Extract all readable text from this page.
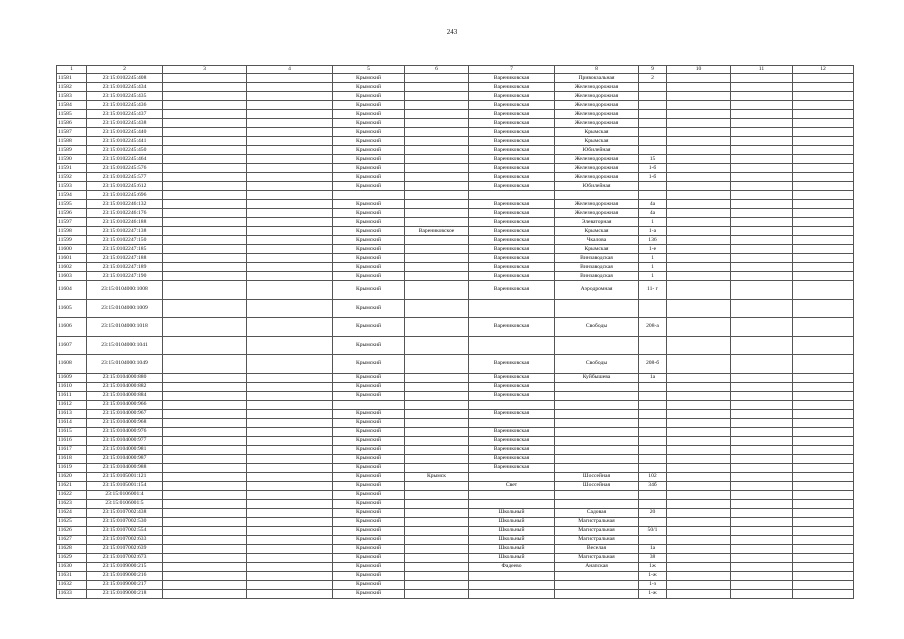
243
1	2	3	4	5	6	7	8	9	10	11	12
11581	23:15:0102245:408			Крымский		Варениковская	Привокзальная	2			
11582	23:15:0102245:434			Крымский		Варениковская	Железнодорожная				
11583	23:15:0102245:435			Крымский		Варениковская	Железнодорожная				
11584	23:15:0102245:436			Крымский		Варениковская	Железнодорожная				
11585	23:15:0102245:437			Крымский		Варениковская	Железнодорожная				
11586	23:15:0102245:438			Крымский		Варениковская	Железнодорожная				
11587	23:15:0102245:440			Крымский		Варениковская	Крымская				
11588	23:15:0102245:441			Крымский		Варениковская	Крымская				
11589	23:15:0102245:450			Крымский		Варениковская	Юбилейная				
11590	23:15:0102245:464			Крымский		Варениковская	Железнодорожная	15			
11591	23:15:0102245:576			Крымский		Варениковская	Железнодорожная	1-б			
11592	23:15:0102245:577			Крымский		Варениковская	Железнодорожная	1-б			
11593	23:15:0102245:612			Крымский		Варениковская	Юбилейная				
11594	23:15:0102245:696										
11595	23:15:0102246:132			Крымский		Варениковская	Железнодорожная	4а			
11596	23:15:0102246:176			Крымский		Варениковская	Железнодорожная	4а			
11597	23:15:0102246:188			Крымский		Варениковская	Элеваторная	1			
11598	23:15:0102247:138			Крымский	Варениковское	Варениковская	Крымская	1-а			
11599	23:15:0102247:150			Крымский		Варениковская	Чкалова	136			
11600	23:15:0102247:185			Крымский		Варениковская	Крымская	1-е			
11601	23:15:0102247:188			Крымский		Варениковская	Винзаводская	1			
11602	23:15:0102247:189			Крымский		Варениковская	Винзаводская	1			
11603	23:15:0102247:190			Крымский		Варениковская	Винзаводская	1			
11604	23:15:0104000:1008			Крымский		Варениковская	Аэродромная	11- г			
11605	23:15:0104000:1009			Крымский							
11606	23:15:0104000:1018			Крымский		Варениковская	Свободы	208-а			
11607	23:15:0104000:1041			Крымский							
11608	23:15:0104000:1049			Крымский		Варениковская	Свободы	208-б			
11609	23:15:0104000:880			Крымский		Варениковская	Куйбышева	1а			
11610	23:15:0104000:882			Крымский		Варениковская					
11611	23:15:0104000:884			Крымский		Варениковская					
11612	23:15:0104000:966										
11613	23:15:0104000:967			Крымский		Варениковская					
11614	23:15:0104000:968			Крымский							
11615	23:15:0104000:976			Крымский		Варениковская					
11616	23:15:0104000:977			Крымский		Варениковская					
11617	23:15:0104000:981			Крымский		Варениковская					
11618	23:15:0104000:987			Крымский		Варениковская					
11619	23:15:0104000:988			Крымский		Варениковская					
11620	23:15:0105001:121			Крымский	Крымск		Шоссейная	102			
11621	23:15:0105001:154			Крымский		Свет	Шоссейная	34б			
11622	23:15:0106001:4			Крымский							
11623	23:15:0106001:5			Крымский							
11624	23:15:0107002:438			Крымский		Школьный	Садовая	20			
11625	23:15:0107002:530			Крымский		Школьный	Магистральная				
11626	23:15:0107002:554			Крымский		Школьный	Магистральная	50/1			
11627	23:15:0107002:633			Крымский		Школьный	Магистральная				
11628	23:15:0107002:639			Крымский		Школьный	Веселая	1а			
11629	23:15:0107002:673			Крымский		Школьный	Магистральная	38			
11630	23:15:0109000:215			Крымский		Фадеево	Анапская	1ж			
11631	23:15:0109000:216			Крымский				1-ж			
11632	23:15:0109000:217			Крымский				1-з			
11633	23:15:0109000:218			Крымский				1-ж			
